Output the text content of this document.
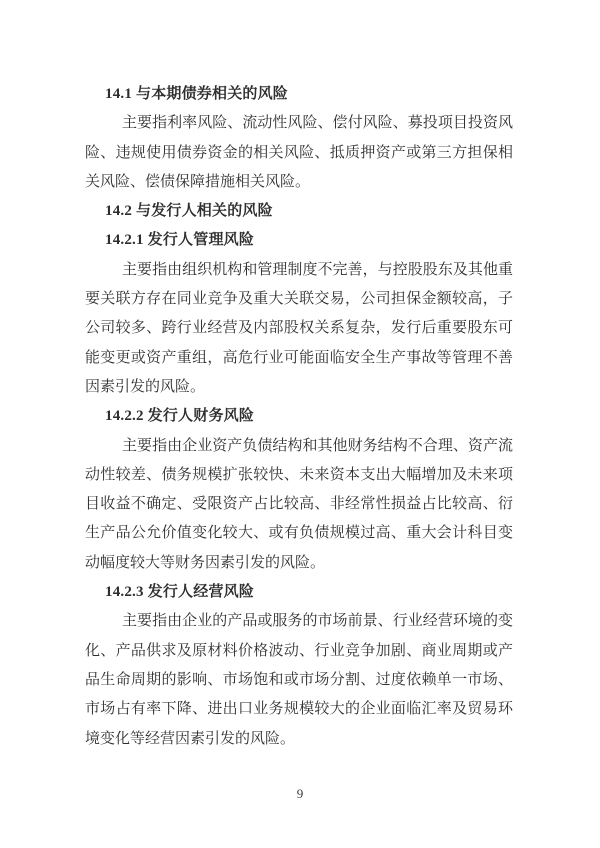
14.1 与本期债券相关的风险

主要指利率风险、流动性风险、偿付风险、募投项目投资风险、违规使用债券资金的相关风险、抵质押资产或第三方担保相关风险、偿债保障措施相关风险。

14.2 与发行人相关的风险

14.2.1 发行人管理风险

主要指由组织机构和管理制度不完善，与控股股东及其他重要关联方存在同业竞争及重大关联交易，公司担保金额较高，子公司较多、跨行业经营及内部股权关系复杂，发行后重要股东可能变更或资产重组，高危行业可能面临安全生产事故等管理不善因素引发的风险。

14.2.2 发行人财务风险

主要指由企业资产负债结构和其他财务结构不合理、资产流动性较差、债务规模扩张较快、未来资本支出大幅增加及未来项目收益不确定、受限资产占比较高、非经常性损益占比较高、衍生产品公允价值变化较大、或有负债规模过高、重大会计科目变动幅度较大等财务因素引发的风险。

14.2.3 发行人经营风险

主要指由企业的产品或服务的市场前景、行业经营环境的变化、产品供求及原材料价格波动、行业竞争加剧、商业周期或产品生命周期的影响、市场饱和或市场分割、过度依赖单一市场、市场占有率下降、进出口业务规模较大的企业面临汇率及贸易环境变化等经营因素引发的风险。

9
